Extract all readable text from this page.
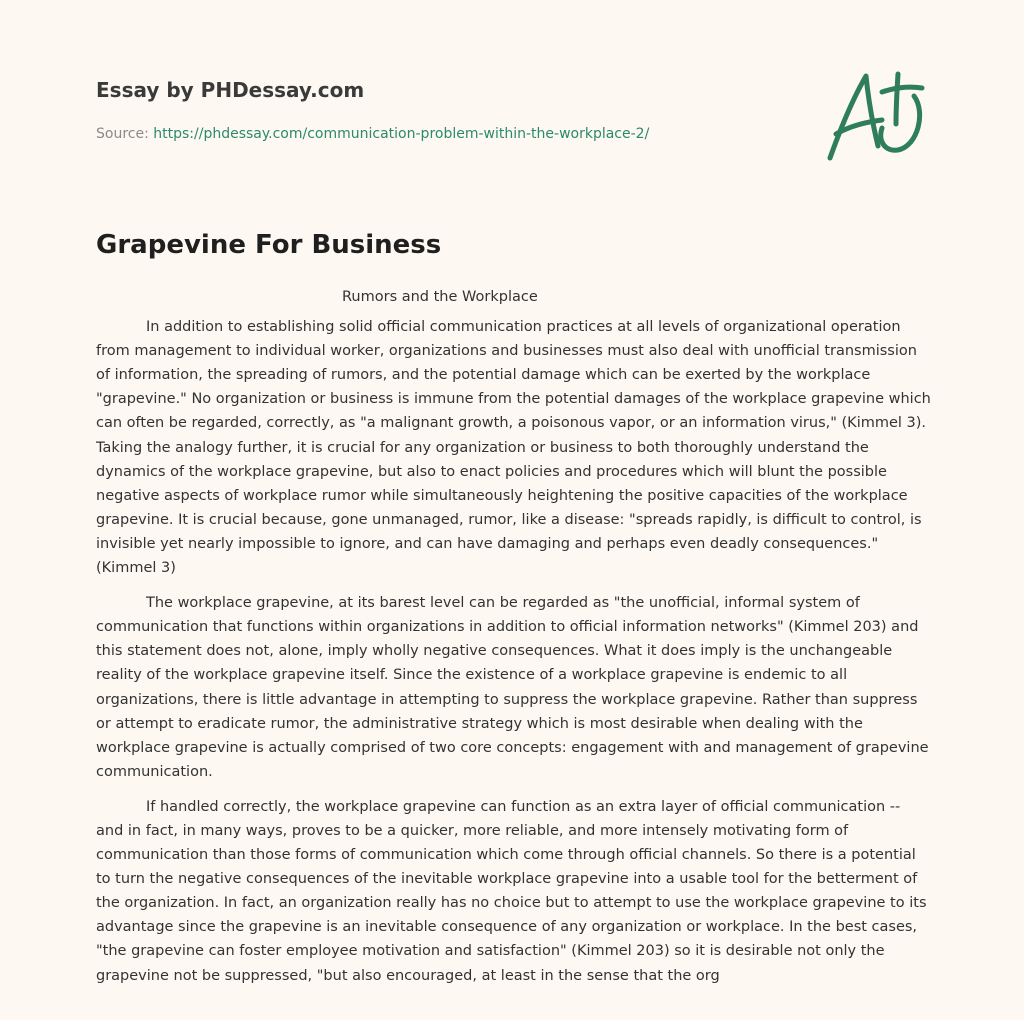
Essay by PHDessay.com
Source: https://phdessay.com/communication-problem-within-the-workplace-2/
Grapevine For Business

Rumors and the Workplace

In addition to establishing solid official communication practices at all levels of organizational operation from management to individual worker, organizations and businesses must also deal with unofficial transmission of information, the spreading of rumors, and the potential damage which can be exerted by the workplace "grapevine." No organization or business is immune from the potential damages of the workplace grapevine which can often be regarded, correctly, as "a malignant growth, a poisonous vapor, or an information virus," (Kimmel 3). Taking the analogy further, it is crucial for any organization or business to both thoroughly understand the dynamics of the workplace grapevine, but also to enact policies and procedures which will blunt the possible negative aspects of workplace rumor while simultaneously heightening the positive capacities of the workplace grapevine. It is crucial because, gone unmanaged, rumor, like a disease: "spreads rapidly, is difficult to control, is invisible yet nearly impossible to ignore, and can have damaging and perhaps even deadly consequences." (Kimmel 3)

The workplace grapevine, at its barest level can be regarded as "the unofficial, informal system of communication that functions within organizations in addition to official information networks" (Kimmel 203) and this statement does not, alone, imply wholly negative consequences. What it does imply is the unchangeable reality of the workplace grapevine itself. Since the existence of a workplace grapevine is endemic to all organizations, there is little advantage in attempting to suppress the workplace grapevine. Rather than suppress or attempt to eradicate rumor, the administrative strategy which is most desirable when dealing with the workplace grapevine is actually comprised of two core concepts: engagement with and management of grapevine communication.

If handled correctly, the workplace grapevine can function as an extra layer of official communication -- and in fact, in many ways, proves to be a quicker, more reliable, and more intensely motivating form of communication than those forms of communication which come through official channels. So there is a potential to turn the negative consequences of the inevitable workplace grapevine into a usable tool for the betterment of the organization. In fact, an organization really has no choice but to attempt to use the workplace grapevine to its advantage since the grapevine is an inevitable consequence of any organization or workplace. In the best cases, "the grapevine can foster employee motivation and satisfaction" (Kimmel 203) so it is desirable not only the grapevine not be suppressed, "but also encouraged, at least in the sense that the org
